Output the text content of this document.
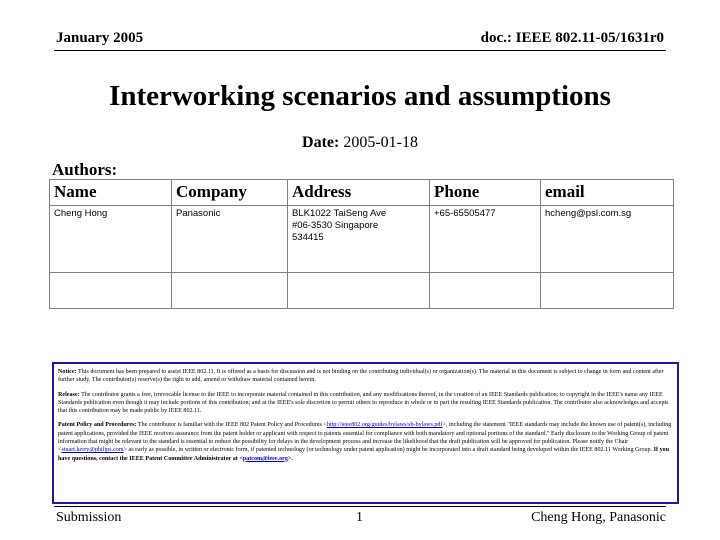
January 2005	doc.: IEEE 802.11-05/1631r0
Interworking scenarios and assumptions
Date: 2005-01-18
Authors:
Name	Company	Address	Phone	email
Cheng Hong	Panasonic	BLK1022 TaiSeng Ave #06-3530 Singapore 534415	+65-65505477	hcheng@psl.com.sg

Notice: This document has been prepared to assist IEEE 802.11. It is offered as a basis for discussion and is not binding on the contributing individual(s) or organization(s). The material in this document is subject to change in form and content after further study. The contributor(s) reserve(s) the right to add, amend or withdraw material contained herein.

Release: The contributor grants a free, irrevocable license to the IEEE to incorporate material contained in this contribution, and any modifications thereof, in the creation of an IEEE Standards publication; to copyright in the IEEE's name any IEEE Standards publication even though it may include portions of this contribution; and at the IEEE's sole discretion to permit others to reproduce in whole or in part the resulting IEEE Standards publication. The contributor also acknowledges and accepts that this contribution may be made public by IEEE 802.11.

Patent Policy and Procedures: The contributor is familiar with the IEEE 802 Patent Policy and Procedures <http://ieee802.org/guides/bylaws/sb-bylaws.pdf>, including the statement "IEEE standards may include the known use of patent(s), including patent applications, provided the IEEE receives assurance from the patent holder or applicant with respect to patents essential for compliance with both mandatory and optional portions of the standard." Early disclosure to the Working Group of patent information that might be relevant to the standard is essential to reduce the possibility for delays in the development process and increase the likelihood that the draft publication will be approved for publication. Please notify the Chair <stuart.kerry@philips.com> as early as possible, in written or electronic form, if patented technology (or technology under patent application) might be incorporated into a draft standard being developed within the IEEE 802.11 Working Group. If you have questions, contact the IEEE Patent Committee Administrator at <patcom@ieee.org>.

Submission	1	Cheng Hong, Panasonic
